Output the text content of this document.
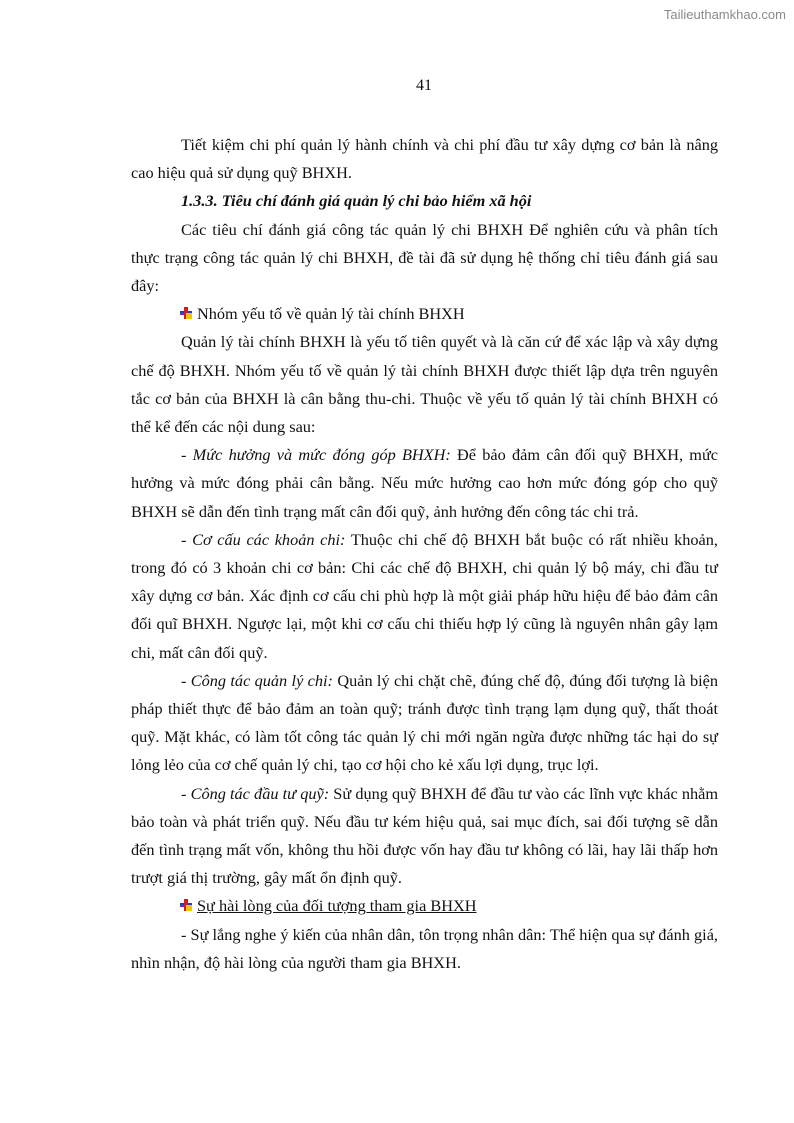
Tailieuthamkhao.com
41

Tiết kiệm chi phí quản lý hành chính và chi phí đầu tư xây dựng cơ bản là nâng cao hiệu quả sử dụng quỹ BHXH.

1.3.3. Tiêu chí đánh giá quản lý chi bảo hiểm xã hội

Các tiêu chí đánh giá công tác quản lý chi BHXH Để nghiên cứu và phân tích thực trạng công tác quản lý chi BHXH, đề tài đã sử dụng hệ thống chỉ tiêu đánh giá sau đây:

Nhóm yếu tố về quản lý tài chính BHXH

Quản lý tài chính BHXH là yếu tố tiên quyết và là căn cứ để xác lập và xây dựng chế độ BHXH. Nhóm yếu tố về quản lý tài chính BHXH được thiết lập dựa trên nguyên tắc cơ bản của BHXH là cân bằng thu-chi. Thuộc về yếu tố quản lý tài chính BHXH có thể kể đến các nội dung sau:

- Mức hưởng và mức đóng góp BHXH: Để bảo đảm cân đối quỹ BHXH, mức hưởng và mức đóng phải cân bằng. Nếu mức hưởng cao hơn mức đóng góp cho quỹ BHXH sẽ dẫn đến tình trạng mất cân đối quỹ, ảnh hưởng đến công tác chi trả.

- Cơ cấu các khoản chi: Thuộc chi chế độ BHXH bắt buộc có rất nhiều khoản, trong đó có 3 khoản chi cơ bản: Chi các chế độ BHXH, chi quản lý bộ máy, chi đầu tư xây dựng cơ bản. Xác định cơ cấu chi phù hợp là một giải pháp hữu hiệu để bảo đảm cân đối quĩ BHXH. Ngược lại, một khi cơ cấu chi thiếu hợp lý cũng là nguyên nhân gây lạm chi, mất cân đối quỹ.

- Công tác quản lý chi: Quản lý chi chặt chẽ, đúng chế độ, đúng đối tượng là biện pháp thiết thực để bảo đảm an toàn quỹ; tránh được tình trạng lạm dụng quỹ, thất thoát quỹ. Mặt khác, có làm tốt công tác quản lý chi mới ngăn ngừa được những tác hại do sự lỏng lẻo của cơ chế quản lý chi, tạo cơ hội cho kẻ xấu lợi dụng, trục lợi.

- Công tác đầu tư quỹ: Sử dụng quỹ BHXH để đầu tư vào các lĩnh vực khác nhằm bảo toàn và phát triển quỹ. Nếu đầu tư kém hiệu quả, sai mục đích, sai đối tượng sẽ dẫn đến tình trạng mất vốn, không thu hồi được vốn hay đầu tư không có lãi, hay lãi thấp hơn trượt giá thị trường, gây mất ổn định quỹ.

Sự hài lòng của đối tượng tham gia BHXH

- Sự lắng nghe ý kiến của nhân dân, tôn trọng nhân dân: Thể hiện qua sự đánh giá, nhìn nhận, độ hài lòng của người tham gia BHXH.
